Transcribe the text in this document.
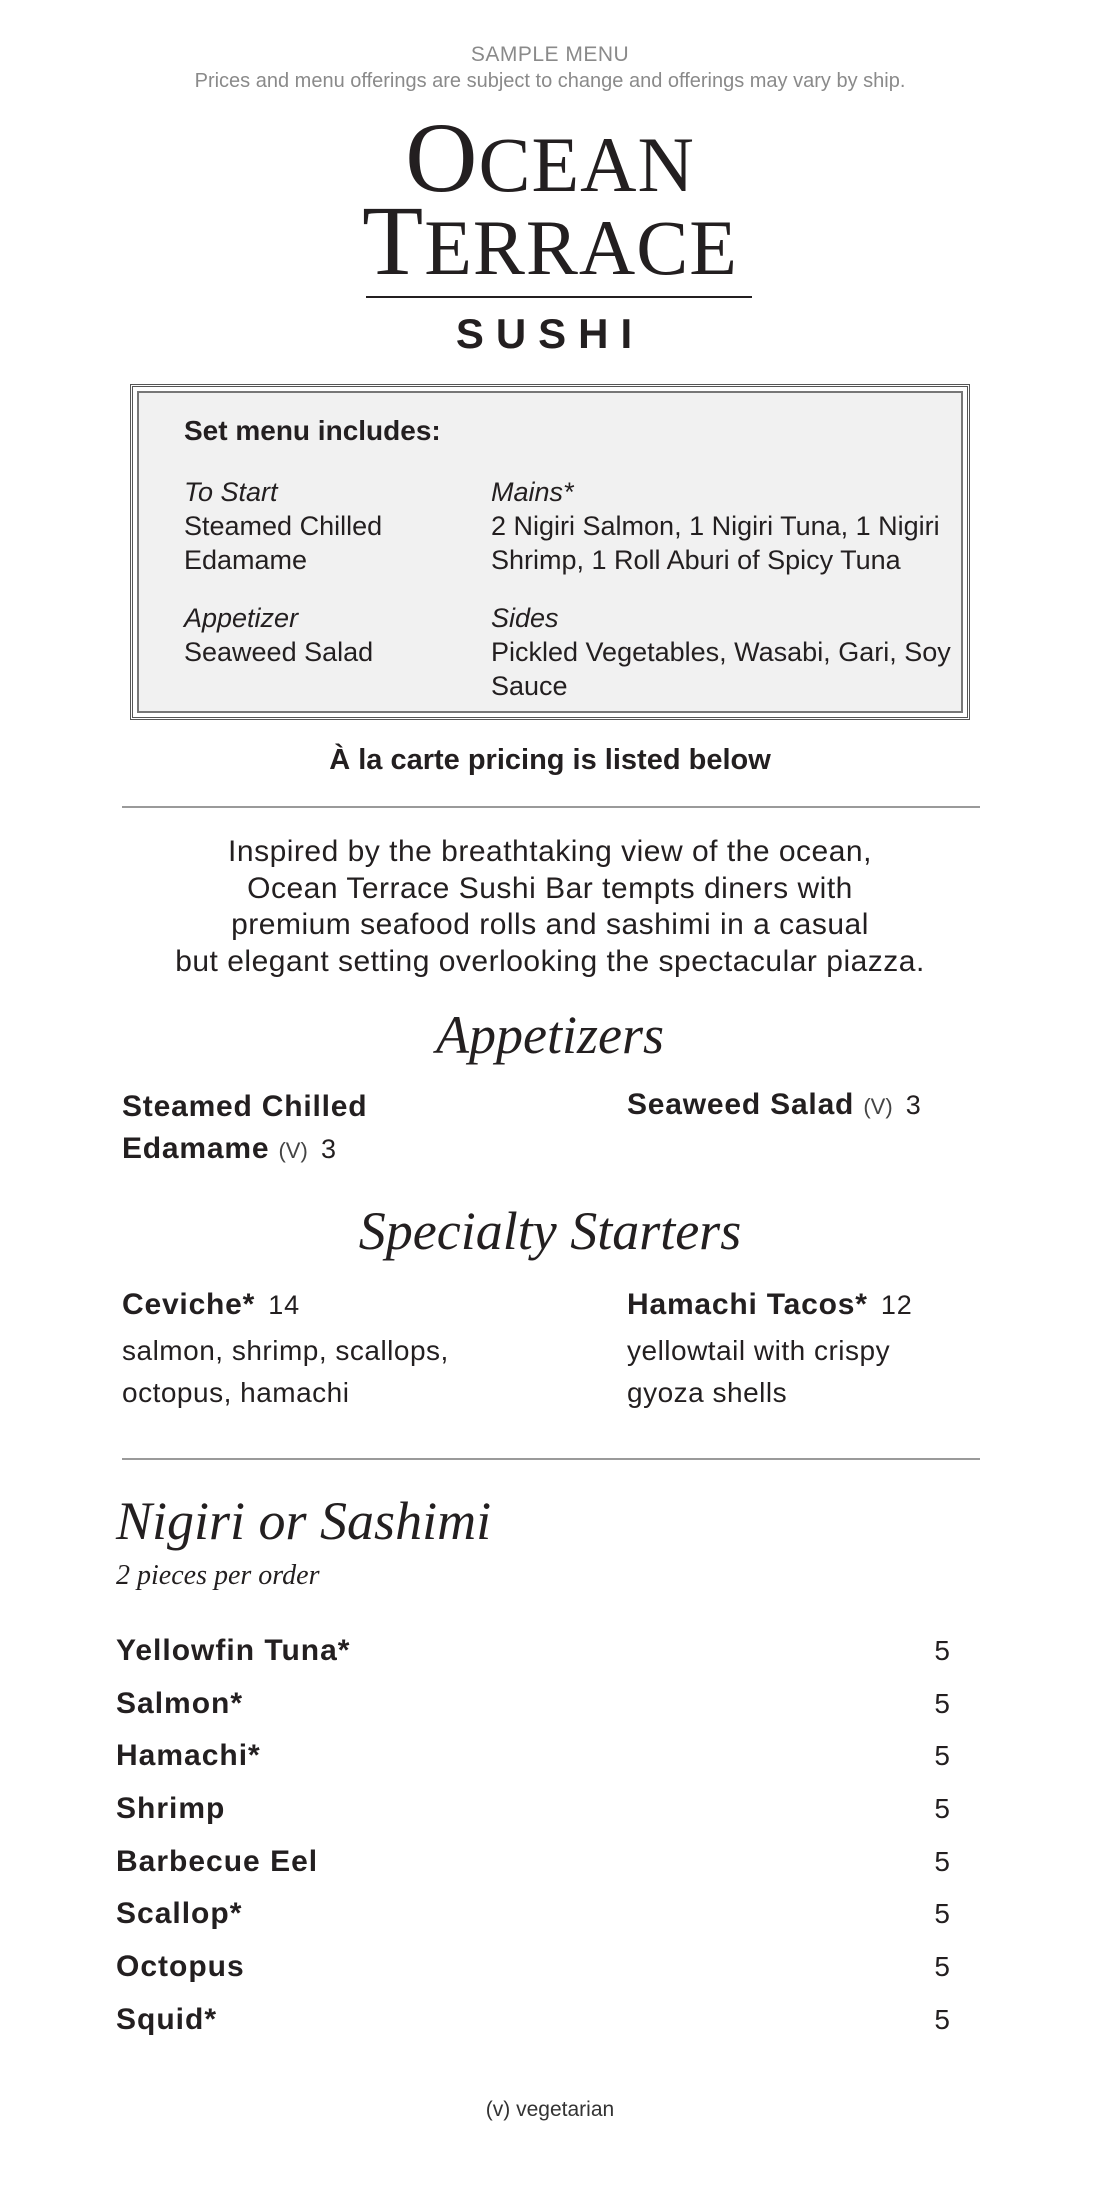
SAMPLE MENU
Prices and menu offerings are subject to change and offerings may vary by ship.
OCEAN
TERRACE
SUSHI
Set menu includes:
To Start
Steamed Chilled Edamame
Mains*
2 Nigiri Salmon, 1 Nigiri Tuna, 1 Nigiri Shrimp, 1 Roll Aburi of Spicy Tuna
Appetizer
Seaweed Salad
Sides
Pickled Vegetables, Wasabi, Gari, Soy Sauce
À la carte pricing is listed below
Inspired by the breathtaking view of the ocean,
Ocean Terrace Sushi Bar tempts diners with
premium seafood rolls and sashimi in a casual
but elegant setting overlooking the spectacular piazza.
Appetizers
Steamed Chilled
Edamame (V) 3
Seaweed Salad (V) 3
Specialty Starters
Ceviche* 14
salmon, shrimp, scallops,
octopus, hamachi
Hamachi Tacos* 12
yellowtail with crispy
gyoza shells
Nigiri or Sashimi
2 pieces per order
Yellowfin Tuna*	5
Salmon*	5
Hamachi*	5
Shrimp	5
Barbecue Eel	5
Scallop*	5
Octopus	5
Squid*	5
(v) vegetarian
